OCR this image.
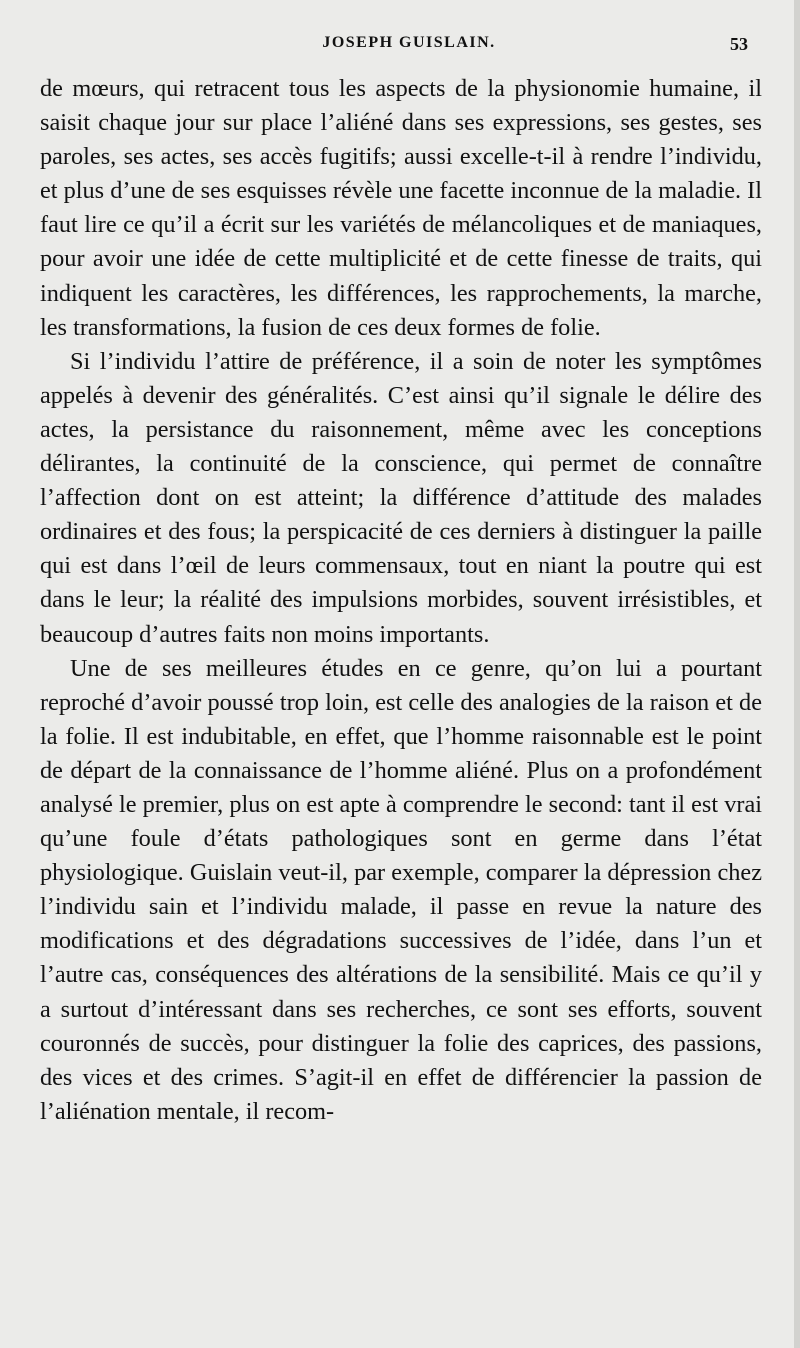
JOSEPH GUISLAIN.	53

de mœurs, qui retracent tous les aspects de la physionomie humaine, il saisit chaque jour sur place l’aliéné dans ses expressions, ses gestes, ses paroles, ses actes, ses accès fugitifs; aussi excelle-t-il à rendre l’individu, et plus d’une de ses esquisses révèle une facette inconnue de la maladie. Il faut lire ce qu’il a écrit sur les variétés de mélancoliques et de maniaques, pour avoir une idée de cette multiplicité et de cette finesse de traits, qui indiquent les caractères, les différences, les rapprochements, la marche, les transformations, la fusion de ces deux formes de folie.

Si l’individu l’attire de préférence, il a soin de noter les symptômes appelés à devenir des généralités. C’est ainsi qu’il signale le délire des actes, la persistance du raisonnement, même avec les conceptions délirantes, la continuité de la conscience, qui permet de connaître l’affection dont on est atteint; la différence d’attitude des malades ordinaires et des fous; la perspicacité de ces derniers à distinguer la paille qui est dans l’œil de leurs commensaux, tout en niant la poutre qui est dans le leur; la réalité des impulsions morbides, souvent irrésistibles, et beaucoup d’autres faits non moins importants.

Une de ses meilleures études en ce genre, qu’on lui a pourtant reproché d’avoir poussé trop loin, est celle des analogies de la raison et de la folie. Il est indubitable, en effet, que l’homme raisonnable est le point de départ de la connaissance de l’homme aliéné. Plus on a profondément analysé le premier, plus on est apte à comprendre le second: tant il est vrai qu’une foule d’états pathologiques sont en germe dans l’état physiologique. Guislain veut-il, par exemple, comparer la dépression chez l’individu sain et l’individu malade, il passe en revue la nature des modifications et des dégradations successives de l’idée, dans l’un et l’autre cas, conséquences des altérations de la sensibilité. Mais ce qu’il y a surtout d’intéressant dans ses recherches, ce sont ses efforts, souvent couronnés de succès, pour distinguer la folie des caprices, des passions, des vices et des crimes. S’agit-il en effet de différencier la passion de l’aliénation mentale, il recom-
